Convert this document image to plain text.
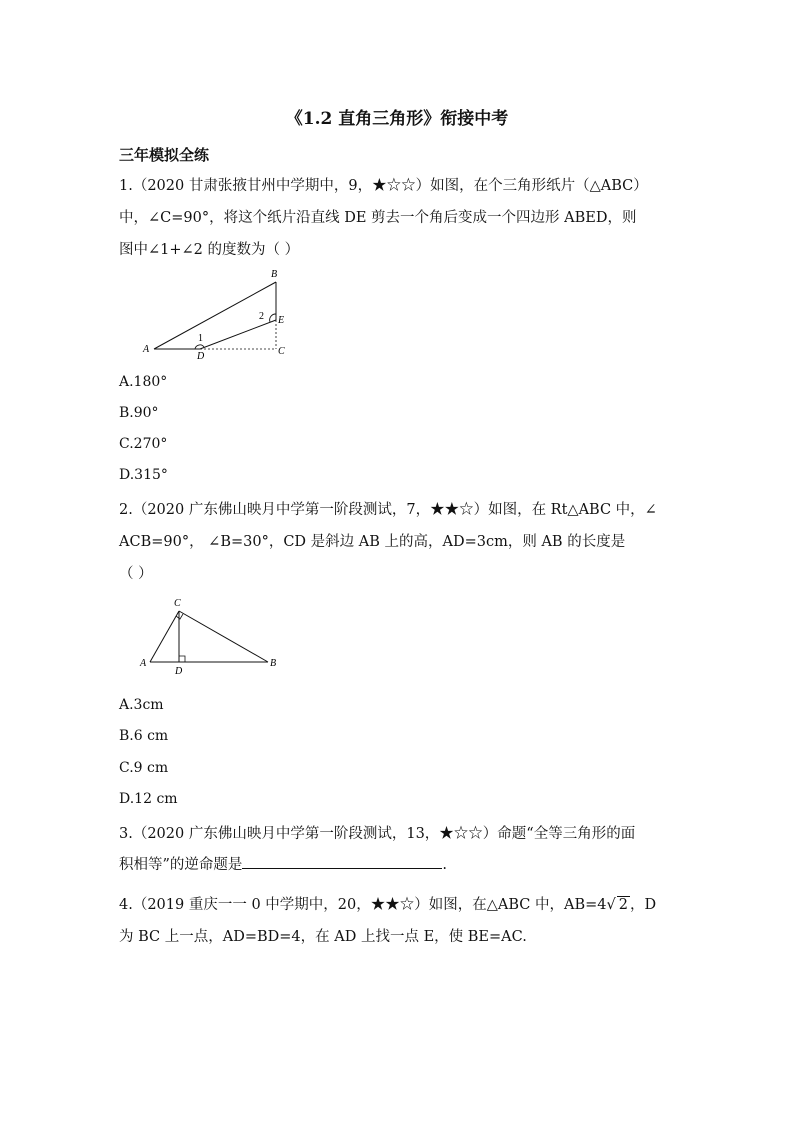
《1.2 直角三角形》衔接中考
三年模拟全练
1.（2020 甘肃张掖甘州中学期中，9，★☆☆）如图，在个三角形纸片（△ABC）
中，∠C=90°，将这个纸片沿直线 DE 剪去一个角后变成一个四边形 ABED，则
图中∠1+∠2 的度数为（ ）
A
B
C
D
E
1
2
A.180°
B.90°
C.270°
D.315°
2.（2020 广东佛山映月中学第一阶段测试，7，★★☆）如图，在 Rt△ABC 中，∠
ACB=90°， ∠B=30°，CD 是斜边 AB 上的高，AD=3cm，则 AB 的长度是
（ ）
A	B
C
D
A.3cm
B.6 cm
C.9 cm
D.12 cm
3.（2020 广东佛山映月中学第一阶段测试，13，★☆☆）命题“全等三角形的面
积相等”的逆命题是	.
4.（2019 重庆一一 0 中学期中，20，★★☆）如图，在△ABC 中，AB=4√ 2 ，D
为 BC 上一点，AD=BD=4，在 AD 上找一点 E，使 BE=AC.
